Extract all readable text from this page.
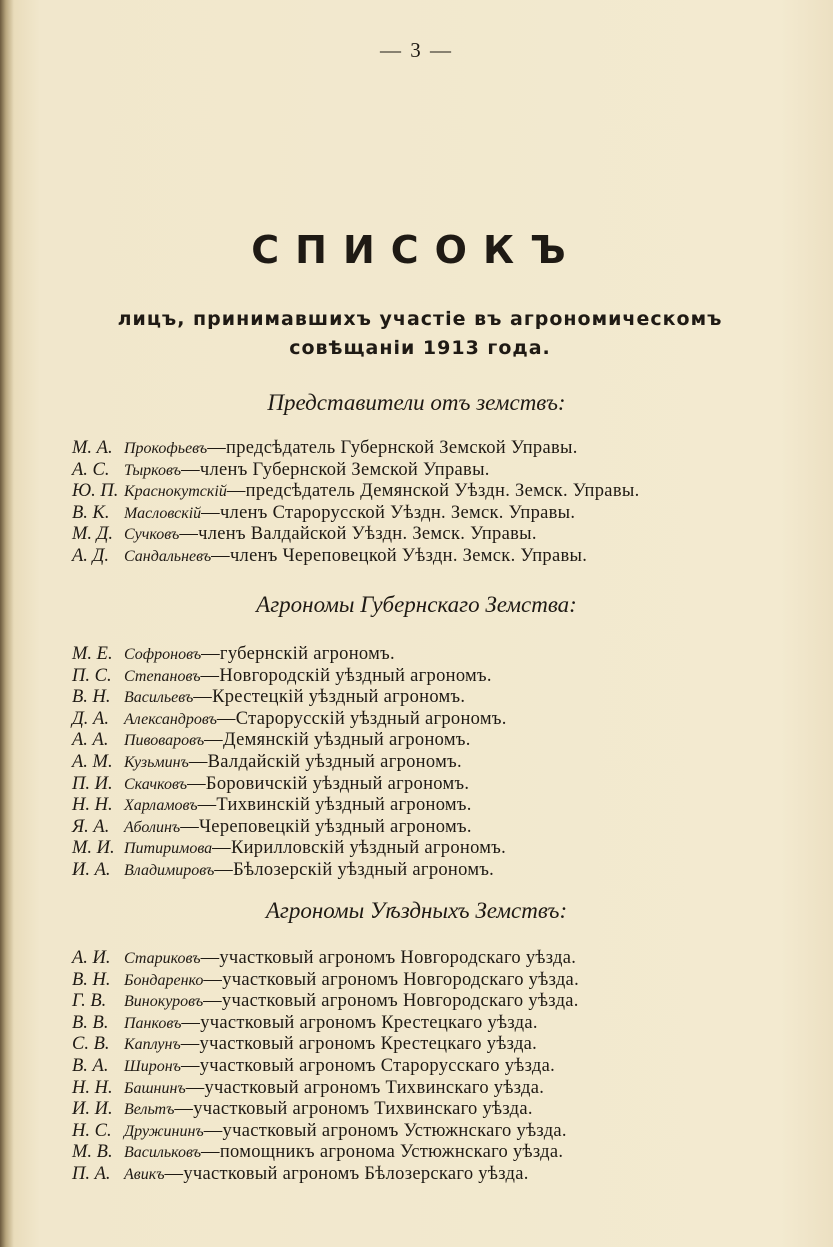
— 3 —
СПИСОКЪ
лицъ, принимавшихъ участіе въ агрономическомъ совѣщаніи 1913 года.
Представители отъ земствъ:
М. А. Прокофьевъ—предсѣдатель Губернской Земской Управы.
А. С. Тырковъ—членъ Губернской Земской Управы.
Ю. П. Краснокутскій—предсѣдатель Демянской Уѣздн. Земск. Управы.
В. К. Масловскій—членъ Старорусской Уѣздн. Земск. Управы.
М. Д. Сучковъ—членъ Валдайской Уѣздн. Земск. Управы.
А. Д. Сандальневъ—членъ Череповецкой Уѣздн. Земск. Управы.
Агрономы Губернскаго Земства:
М. Е. Софроновъ—губернскій агрономъ.
П. С. Степановъ—Новгородскій уѣздный агрономъ.
В. Н. Васильевъ—Крестецкій уѣздный агрономъ.
Д. А. Александровъ—Старорусскій уѣздный агрономъ.
А. А. Пивоваровъ—Демянскій уѣздный агрономъ.
А. М. Кузьминъ—Валдайскій уѣздный агрономъ.
П. И. Скачковъ—Боровичскій уѣздный агрономъ.
Н. Н. Харламовъ—Тихвинскій уѣздный агрономъ.
Я. А. Аболинъ—Череповецкій уѣздный агрономъ.
М. И. Питиримова—Кирилловскій уѣздный агрономъ.
И. А. Владимировъ—Бѣлозерскій уѣздный агрономъ.
Агрономы Уѣздныхъ Земствъ:
А. И. Стариковъ—участковый агрономъ Новгородскаго уѣзда.
В. Н. Бондаренко—участковый агрономъ Новгородскаго уѣзда.
Г. В. Винокуровъ—участковый агрономъ Новгородскаго уѣзда.
В. В. Панковъ—участковый агрономъ Крестецкаго уѣзда.
С. В. Каплунъ—участковый агрономъ Крестецкаго уѣзда.
В. А. Широнъ—участковый агрономъ Старорусскаго уѣзда.
Н. Н. Башнинъ—участковый агрономъ Тихвинскаго уѣзда.
И. И. Вельтъ—участковый агрономъ Тихвинскаго уѣзда.
Н. С. Дружининъ—участковый агрономъ Устюжнскаго уѣзда.
М. В. Васильковъ—помощникъ агронома Устюжнскаго уѣзда.
П. А. Авикъ—участковый агрономъ Бѣлозерскаго уѣзда.
